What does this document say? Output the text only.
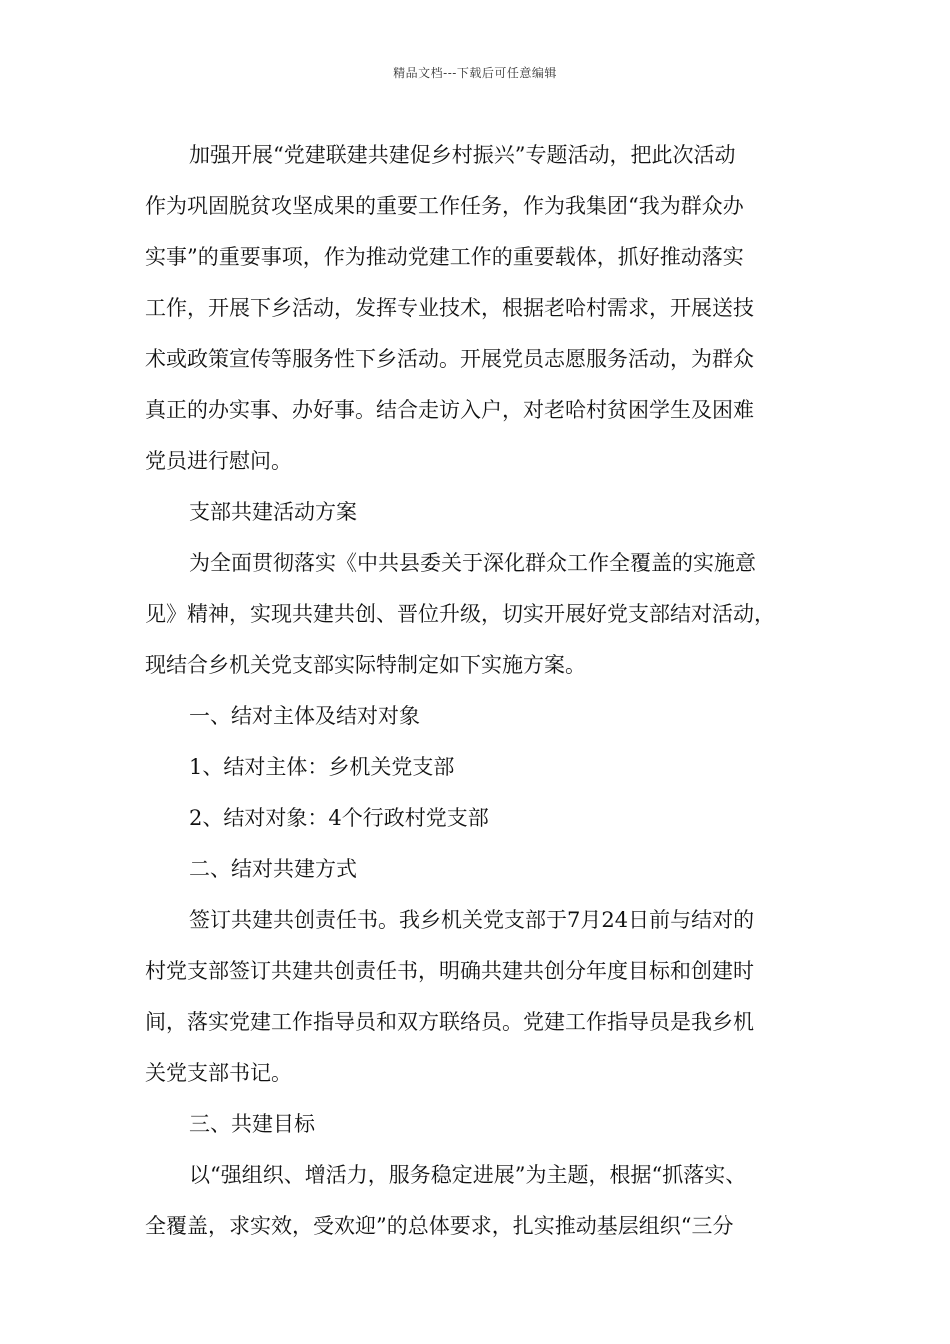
精品文档---下载后可任意编辑
加强开展“党建联建共建促乡村振兴”专题活动，把此次活动
作为巩固脱贫攻坚成果的重要工作任务，作为我集团“我为群众办
实事”的重要事项，作为推动党建工作的重要载体，抓好推动落实
工作，开展下乡活动，发挥专业技术，根据老哈村需求，开展送技
术或政策宣传等服务性下乡活动。开展党员志愿服务活动，为群众
真正的办实事、办好事。结合走访入户，对老哈村贫困学生及困难
党员进行慰问。
支部共建活动方案
为全面贯彻落实《中共县委关于深化群众工作全覆盖的实施意
见》精神，实现共建共创、晋位升级，切实开展好党支部结对活动，
现结合乡机关党支部实际特制定如下实施方案。
一、结对主体及结对对象
1、结对主体：乡机关党支部
2、结对对象：4个行政村党支部
二、结对共建方式
签订共建共创责任书。我乡机关党支部于7月24日前与结对的
村党支部签订共建共创责任书，明确共建共创分年度目标和创建时
间，落实党建工作指导员和双方联络员。党建工作指导员是我乡机
关党支部书记。
三、共建目标
以“强组织、增活力，服务稳定进展”为主题，根据“抓落实、
全覆盖，求实效，受欢迎”的总体要求，扎实推动基层组织“三分
